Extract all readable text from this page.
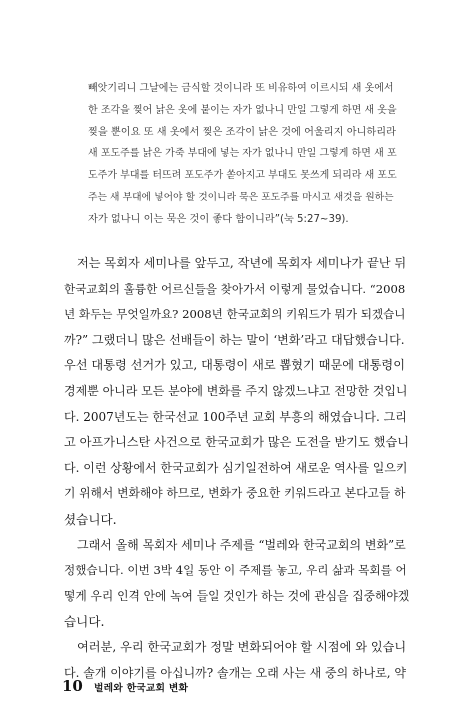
빼앗기리니 그날에는 금식할 것이니라 또 비유하여 이르시되 새 옷에서
한 조각을 찢어 낡은 옷에 붙이는 자가 없나니 만일 그렇게 하면 새 옷을
찢을 뿐이요 또 새 옷에서 찢은 조각이 낡은 것에 어울리지 아니하리라
새 포도주를 낡은 가죽 부대에 넣는 자가 없나니 만일 그렇게 하면 새 포
도주가 부대를 터뜨려 포도주가 쏟아지고 부대도 못쓰게 되리라 새 포도
주는 새 부대에 넣어야 할 것이니라 묵은 포도주를 마시고 새것을 원하는
자가 없나니 이는 묵은 것이 좋다 함이니라”(눅 5:27~39).
저는 목회자 세미나를 앞두고, 작년에 목회자 세미나가 끝난 뒤
한국교회의 훌륭한 어르신들을 찾아가서 이렇게 물었습니다. “2008
년 화두는 무엇일까요? 2008년 한국교회의 키워드가 뭐가 되겠습니
까?” 그랬더니 많은 선배들이 하는 말이 ‘변화’라고 대답했습니다.
우선 대통령 선거가 있고, 대통령이 새로 뽑혔기 때문에 대통령이
경제뿐 아니라 모든 분야에 변화를 주지 않겠느냐고 전망한 것입니
다. 2007년도는 한국선교 100주년 교회 부흥의 해였습니다. 그리
고 아프가니스탄 사건으로 한국교회가 많은 도전을 받기도 했습니
다. 이런 상황에서 한국교회가 심기일전하여 새로운 역사를 일으키
기 위해서 변화해야 하므로, 변화가 중요한 키워드라고 본다고들 하
셨습니다.
그래서 올해 목회자 세미나 주제를 “벌레와 한국교회의 변화”로
정했습니다. 이번 3박 4일 동안 이 주제를 놓고, 우리 삶과 목회를 어
떻게 우리 인격 안에 녹여 들일 것인가 하는 것에 관심을 집중해야겠
습니다.
여러분, 우리 한국교회가 정말 변화되어야 할 시점에 와 있습니
다. 솔개 이야기를 아십니까? 솔개는 오래 사는 새 중의 하나로, 약
10 벌레와 한국교회 변화
